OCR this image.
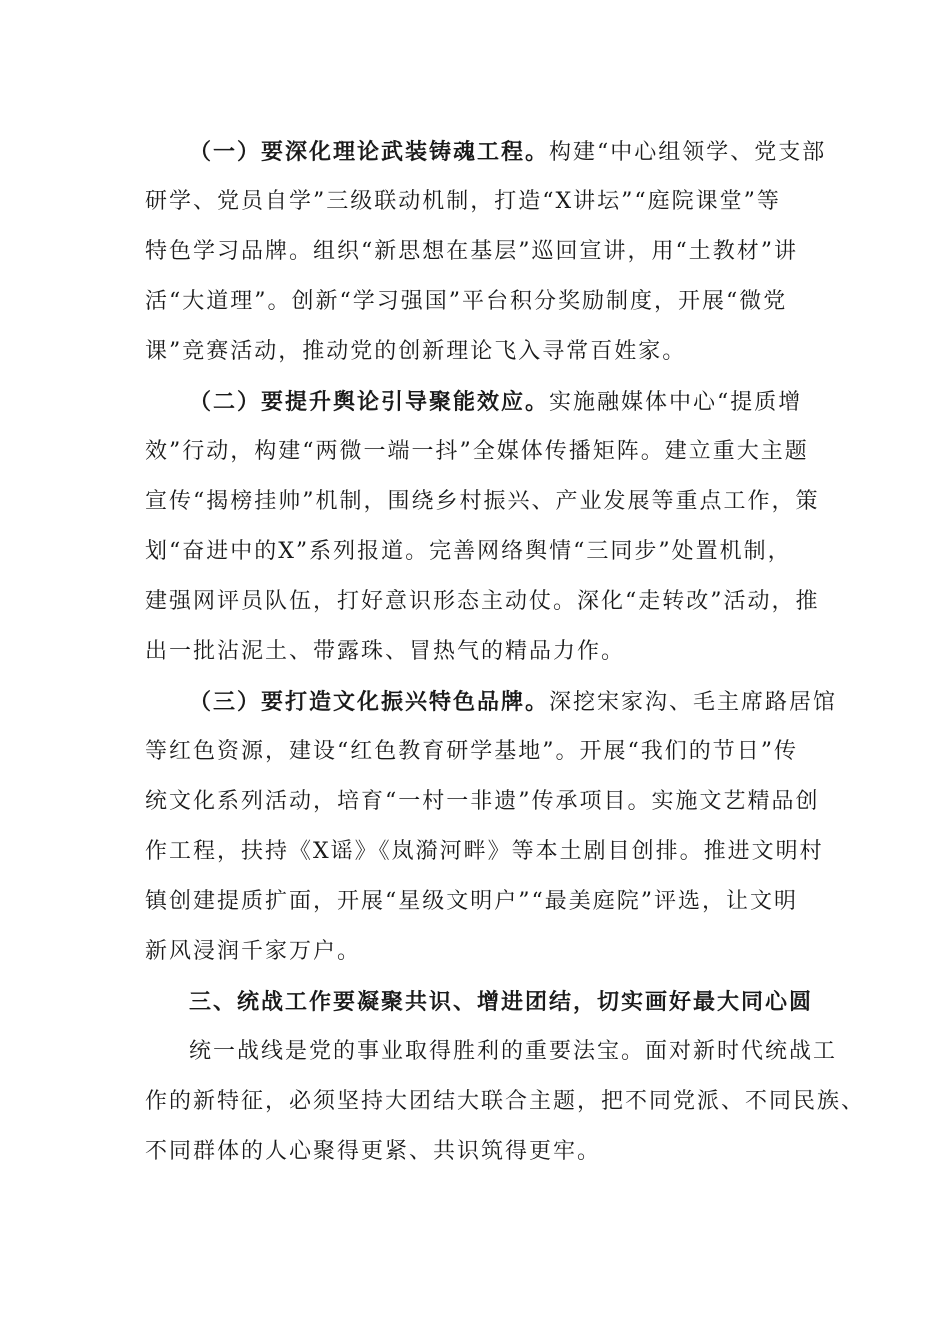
（一）要深化理论武装铸魂工程。构建“中心组领学、党支部
研学、党员自学”三级联动机制，打造“X讲坛”“庭院课堂”等
特色学习品牌。组织“新思想在基层”巡回宣讲，用“土教材”讲
活“大道理”。创新“学习强国”平台积分奖励制度，开展“微党
课”竞赛活动，推动党的创新理论飞入寻常百姓家。
（二）要提升舆论引导聚能效应。实施融媒体中心“提质增
效”行动，构建“两微一端一抖”全媒体传播矩阵。建立重大主题
宣传“揭榜挂帅”机制，围绕乡村振兴、产业发展等重点工作，策
划“奋进中的X”系列报道。完善网络舆情“三同步”处置机制，
建强网评员队伍，打好意识形态主动仗。深化“走转改”活动，推
出一批沾泥土、带露珠、冒热气的精品力作。
（三）要打造文化振兴特色品牌。深挖宋家沟、毛主席路居馆
等红色资源，建设“红色教育研学基地”。开展“我们的节日”传
统文化系列活动，培育“一村一非遗”传承项目。实施文艺精品创
作工程，扶持《X谣》《岚漪河畔》等本土剧目创排。推进文明村
镇创建提质扩面，开展“星级文明户”“最美庭院”评选，让文明
新风浸润千家万户。
三、统战工作要凝聚共识、增进团结，切实画好最大同心圆
统一战线是党的事业取得胜利的重要法宝。面对新时代统战工
作的新特征，必须坚持大团结大联合主题，把不同党派、不同民族、
不同群体的人心聚得更紧、共识筑得更牢。
